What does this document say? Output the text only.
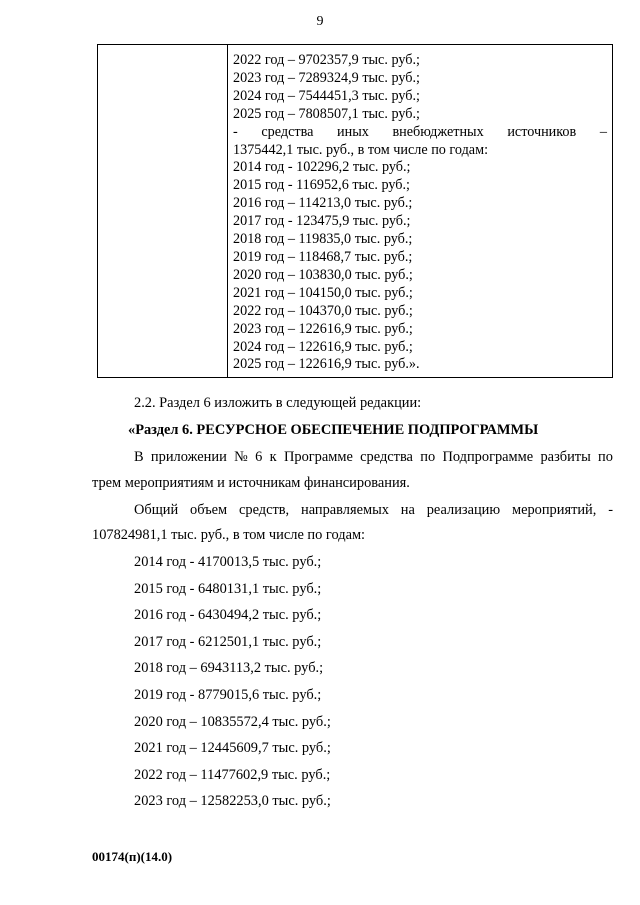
9
2022 год – 9702357,9 тыс. руб.;
2023 год – 7289324,9 тыс. руб.;
2024 год – 7544451,3 тыс. руб.;
2025 год – 7808507,1 тыс. руб.;
- средства иных внебюджетных источников –
1375442,1 тыс. руб., в том числе по годам:
2014 год - 102296,2 тыс. руб.;
2015 год - 116952,6 тыс. руб.;
2016 год – 114213,0 тыс. руб.;
2017 год - 123475,9 тыс. руб.;
2018 год – 119835,0 тыс. руб.;
2019 год – 118468,7 тыс. руб.;
2020 год – 103830,0 тыс. руб.;
2021 год – 104150,0 тыс. руб.;
2022 год – 104370,0 тыс. руб.;
2023 год – 122616,9 тыс. руб.;
2024 год – 122616,9 тыс. руб.;
2025 год – 122616,9 тыс. руб.».
2.2. Раздел 6 изложить в следующей редакции:
«Раздел 6. РЕСУРСНОЕ ОБЕСПЕЧЕНИЕ ПОДПРОГРАММЫ
В приложении № 6 к Программе средства по Подпрограмме разбиты по
трем мероприятиям и источникам финансирования.
Общий объем средств, направляемых на реализацию мероприятий, -
107824981,1 тыс. руб., в том числе по годам:
2014 год - 4170013,5 тыс. руб.;
2015 год - 6480131,1 тыс. руб.;
2016 год - 6430494,2 тыс. руб.;
2017 год - 6212501,1 тыс. руб.;
2018 год – 6943113,2 тыс. руб.;
2019 год - 8779015,6 тыс. руб.;
2020 год – 10835572,4 тыс. руб.;
2021 год – 12445609,7 тыс. руб.;
2022 год – 11477602,9 тыс. руб.;
2023 год – 12582253,0 тыс. руб.;
00174(п)(14.0)
